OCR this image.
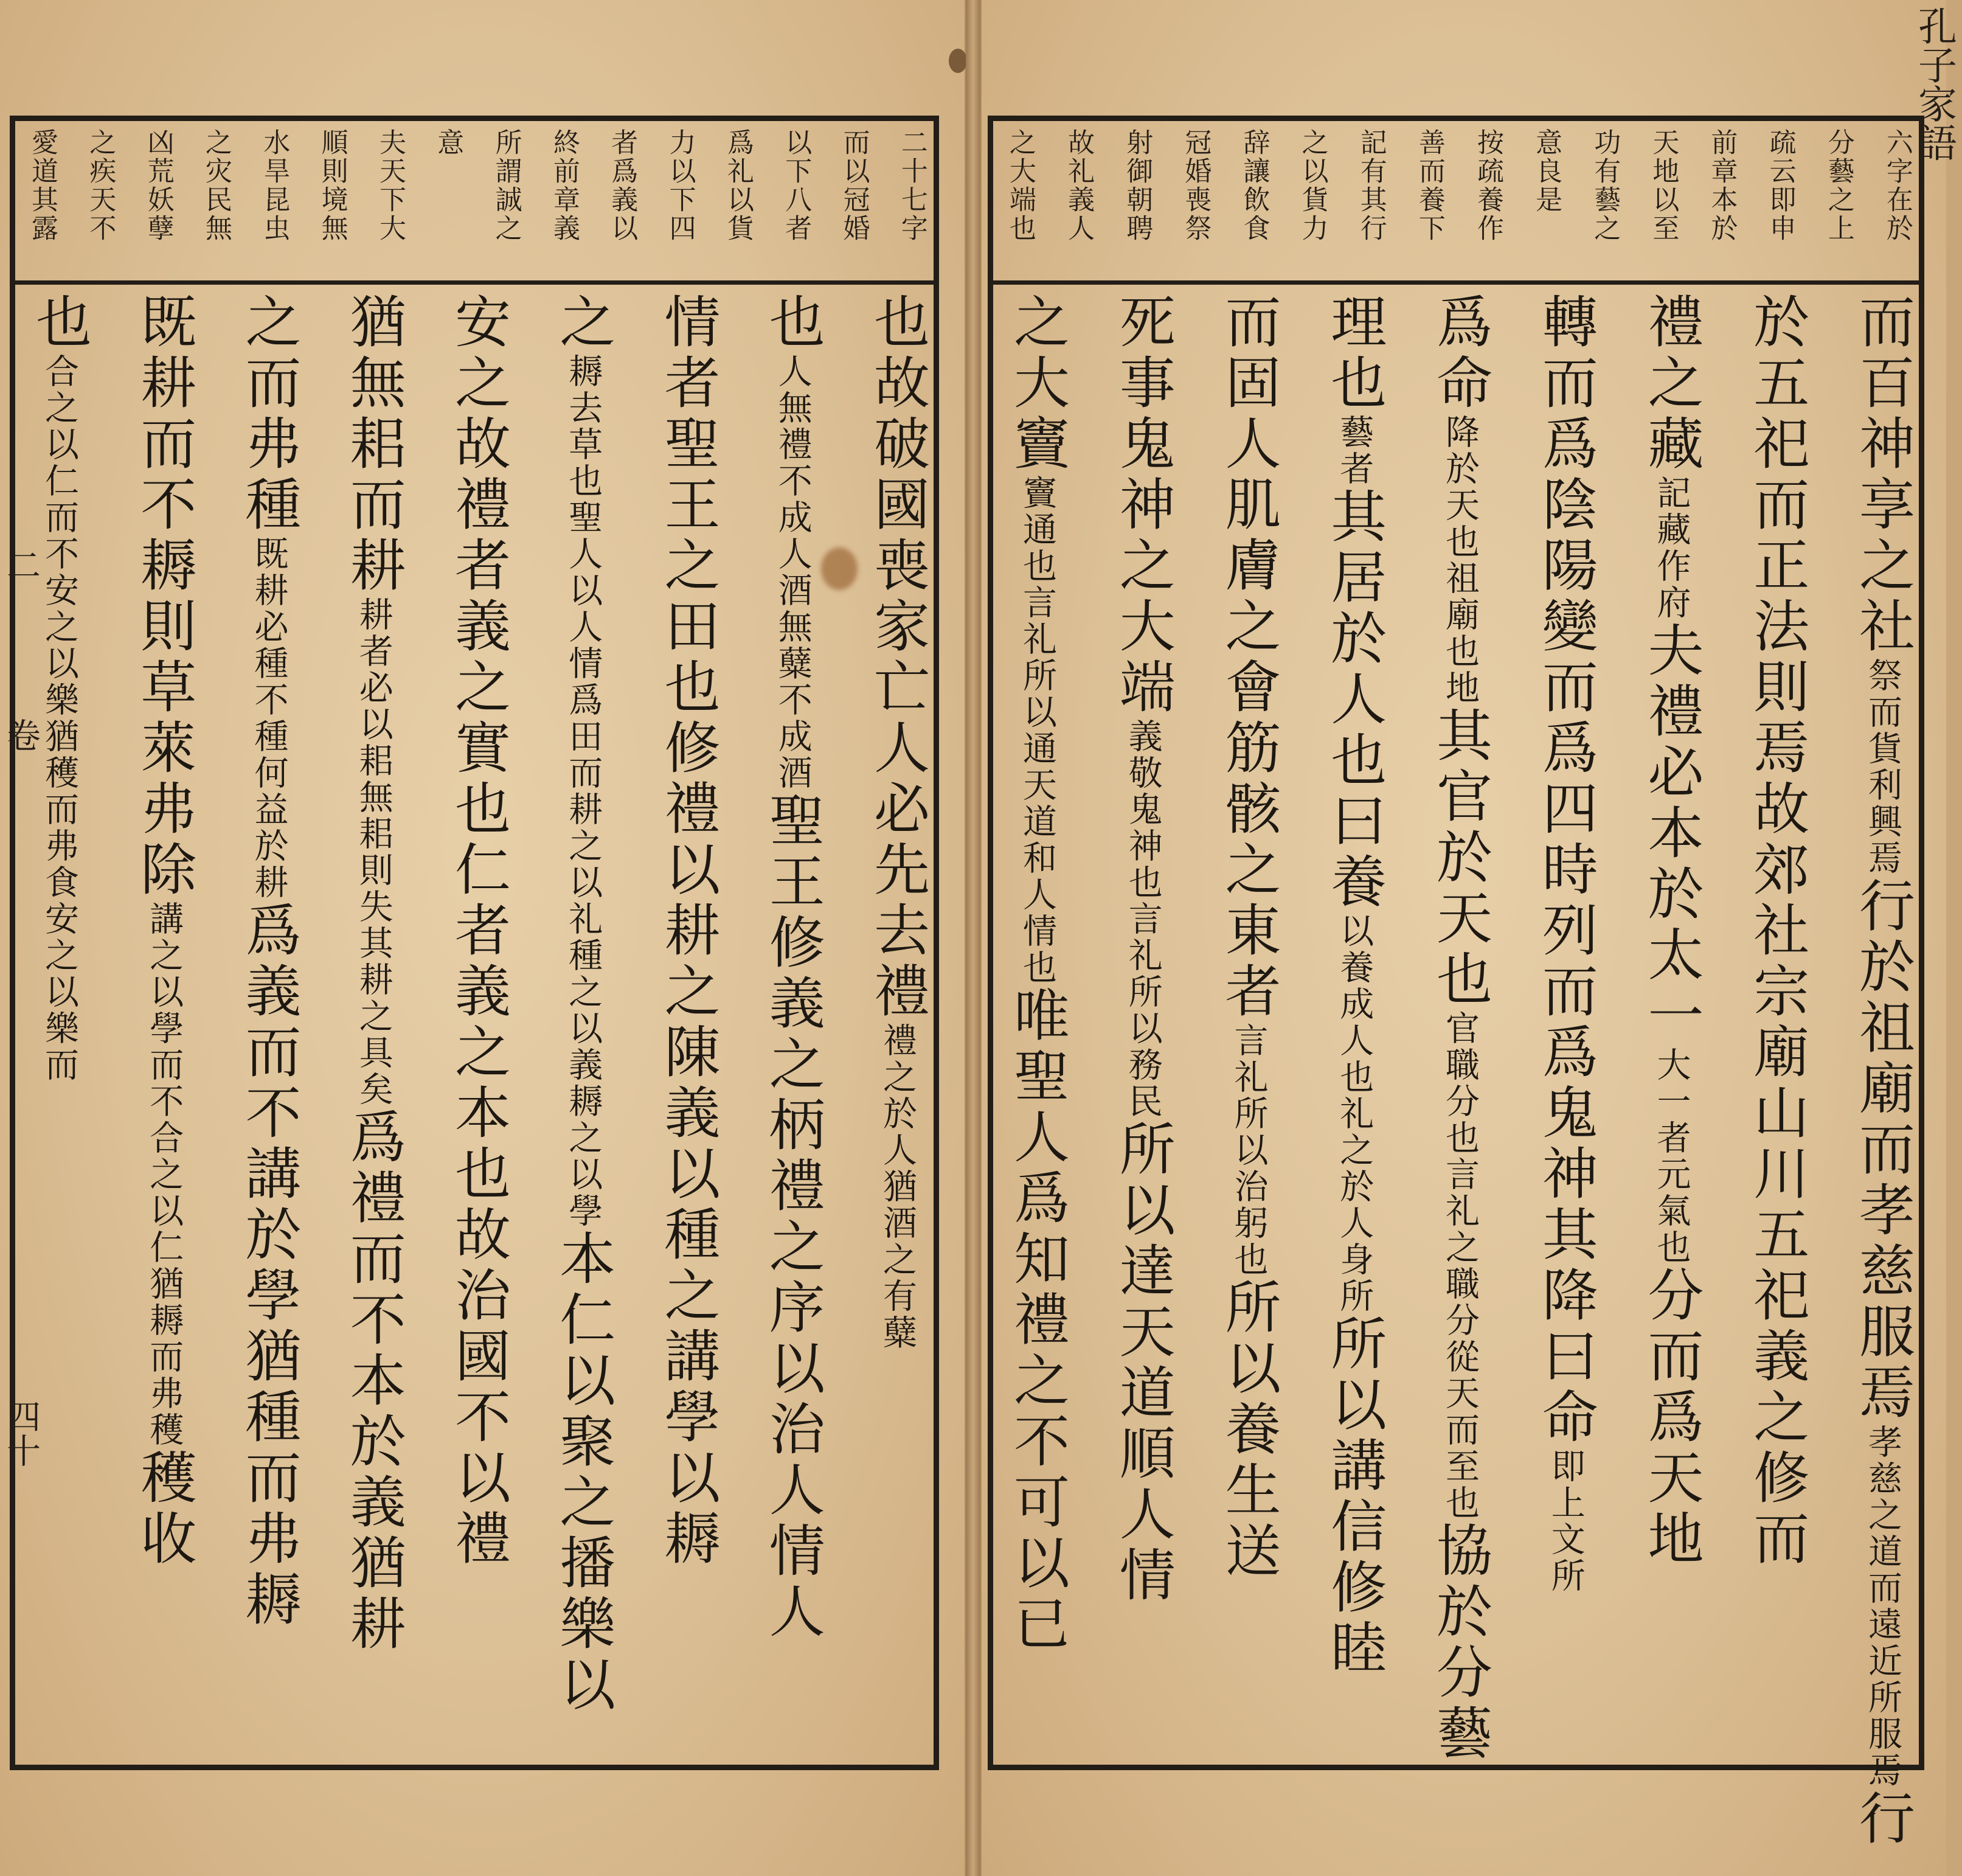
二十七字
而以冠婚
以下八者
爲礼以貨
力以下四
者爲義以
終前章義
所謂誠之
意
夫天下大
順則境無
水旱昆虫
之灾民無
凶荒妖孽
之疾天不
愛道其露
也故破國喪家亡人必先去禮禮之於人猶酒之有糵
也人無禮不成人酒無糵不成酒聖王修義之柄禮之序以治人情人
情者聖王之田也修禮以耕之陳義以種之講學以耨
之耨去草也聖人以人情爲田而耕之以礼種之以義耨之以學本仁以聚之播樂以
安之故禮者義之實也仁者義之本也故治國不以禮
猶無耜而耕耕者必以耜無耜則失其耕之具矣爲禮而不本於義猶耕
之而弗種既耕必種不種何益於耕爲義而不講於學猶種而弗耨
既耕而不耨則草萊弗除講之以學而不合之以仁猶耨而弗穫穫收
也合之以仁而不安之以樂猶穫而弗食安之以樂而
二
卷
四十
孔子家語
六字在於
分藝之上
疏云即申
前章本於
天地以至
功有藝之
意良是
按疏養作
善而養下
記有其行
之以貨力
辞讓飲食
冠婚喪祭
射御朝聘
故礼義人
之大端也
而百神享之社祭而貨利興焉行於祖廟而孝慈服焉孝慈之道而遠近所服焉行
於五祀而正法則焉故郊社宗廟山川五祀義之修而
禮之藏記藏作府夫禮必本於太一大一者元氣也分而爲天地
轉而爲陰陽變而爲四時列而爲鬼神其降曰命即上文所
爲命降於天也祖廟也地其官於天也官職分也言礼之職分從天而至也協於分藝
理也藝者其居於人也曰養以養成人也礼之於人身所所以講信修睦
而固人肌膚之會筋骸之東者言礼所以治躬也所以養生送
死事鬼神之大端義敬鬼神也言礼所以務民所以達天道順人情
之大竇竇通也言礼所以通天道和人情也唯聖人爲知禮之不可以已
